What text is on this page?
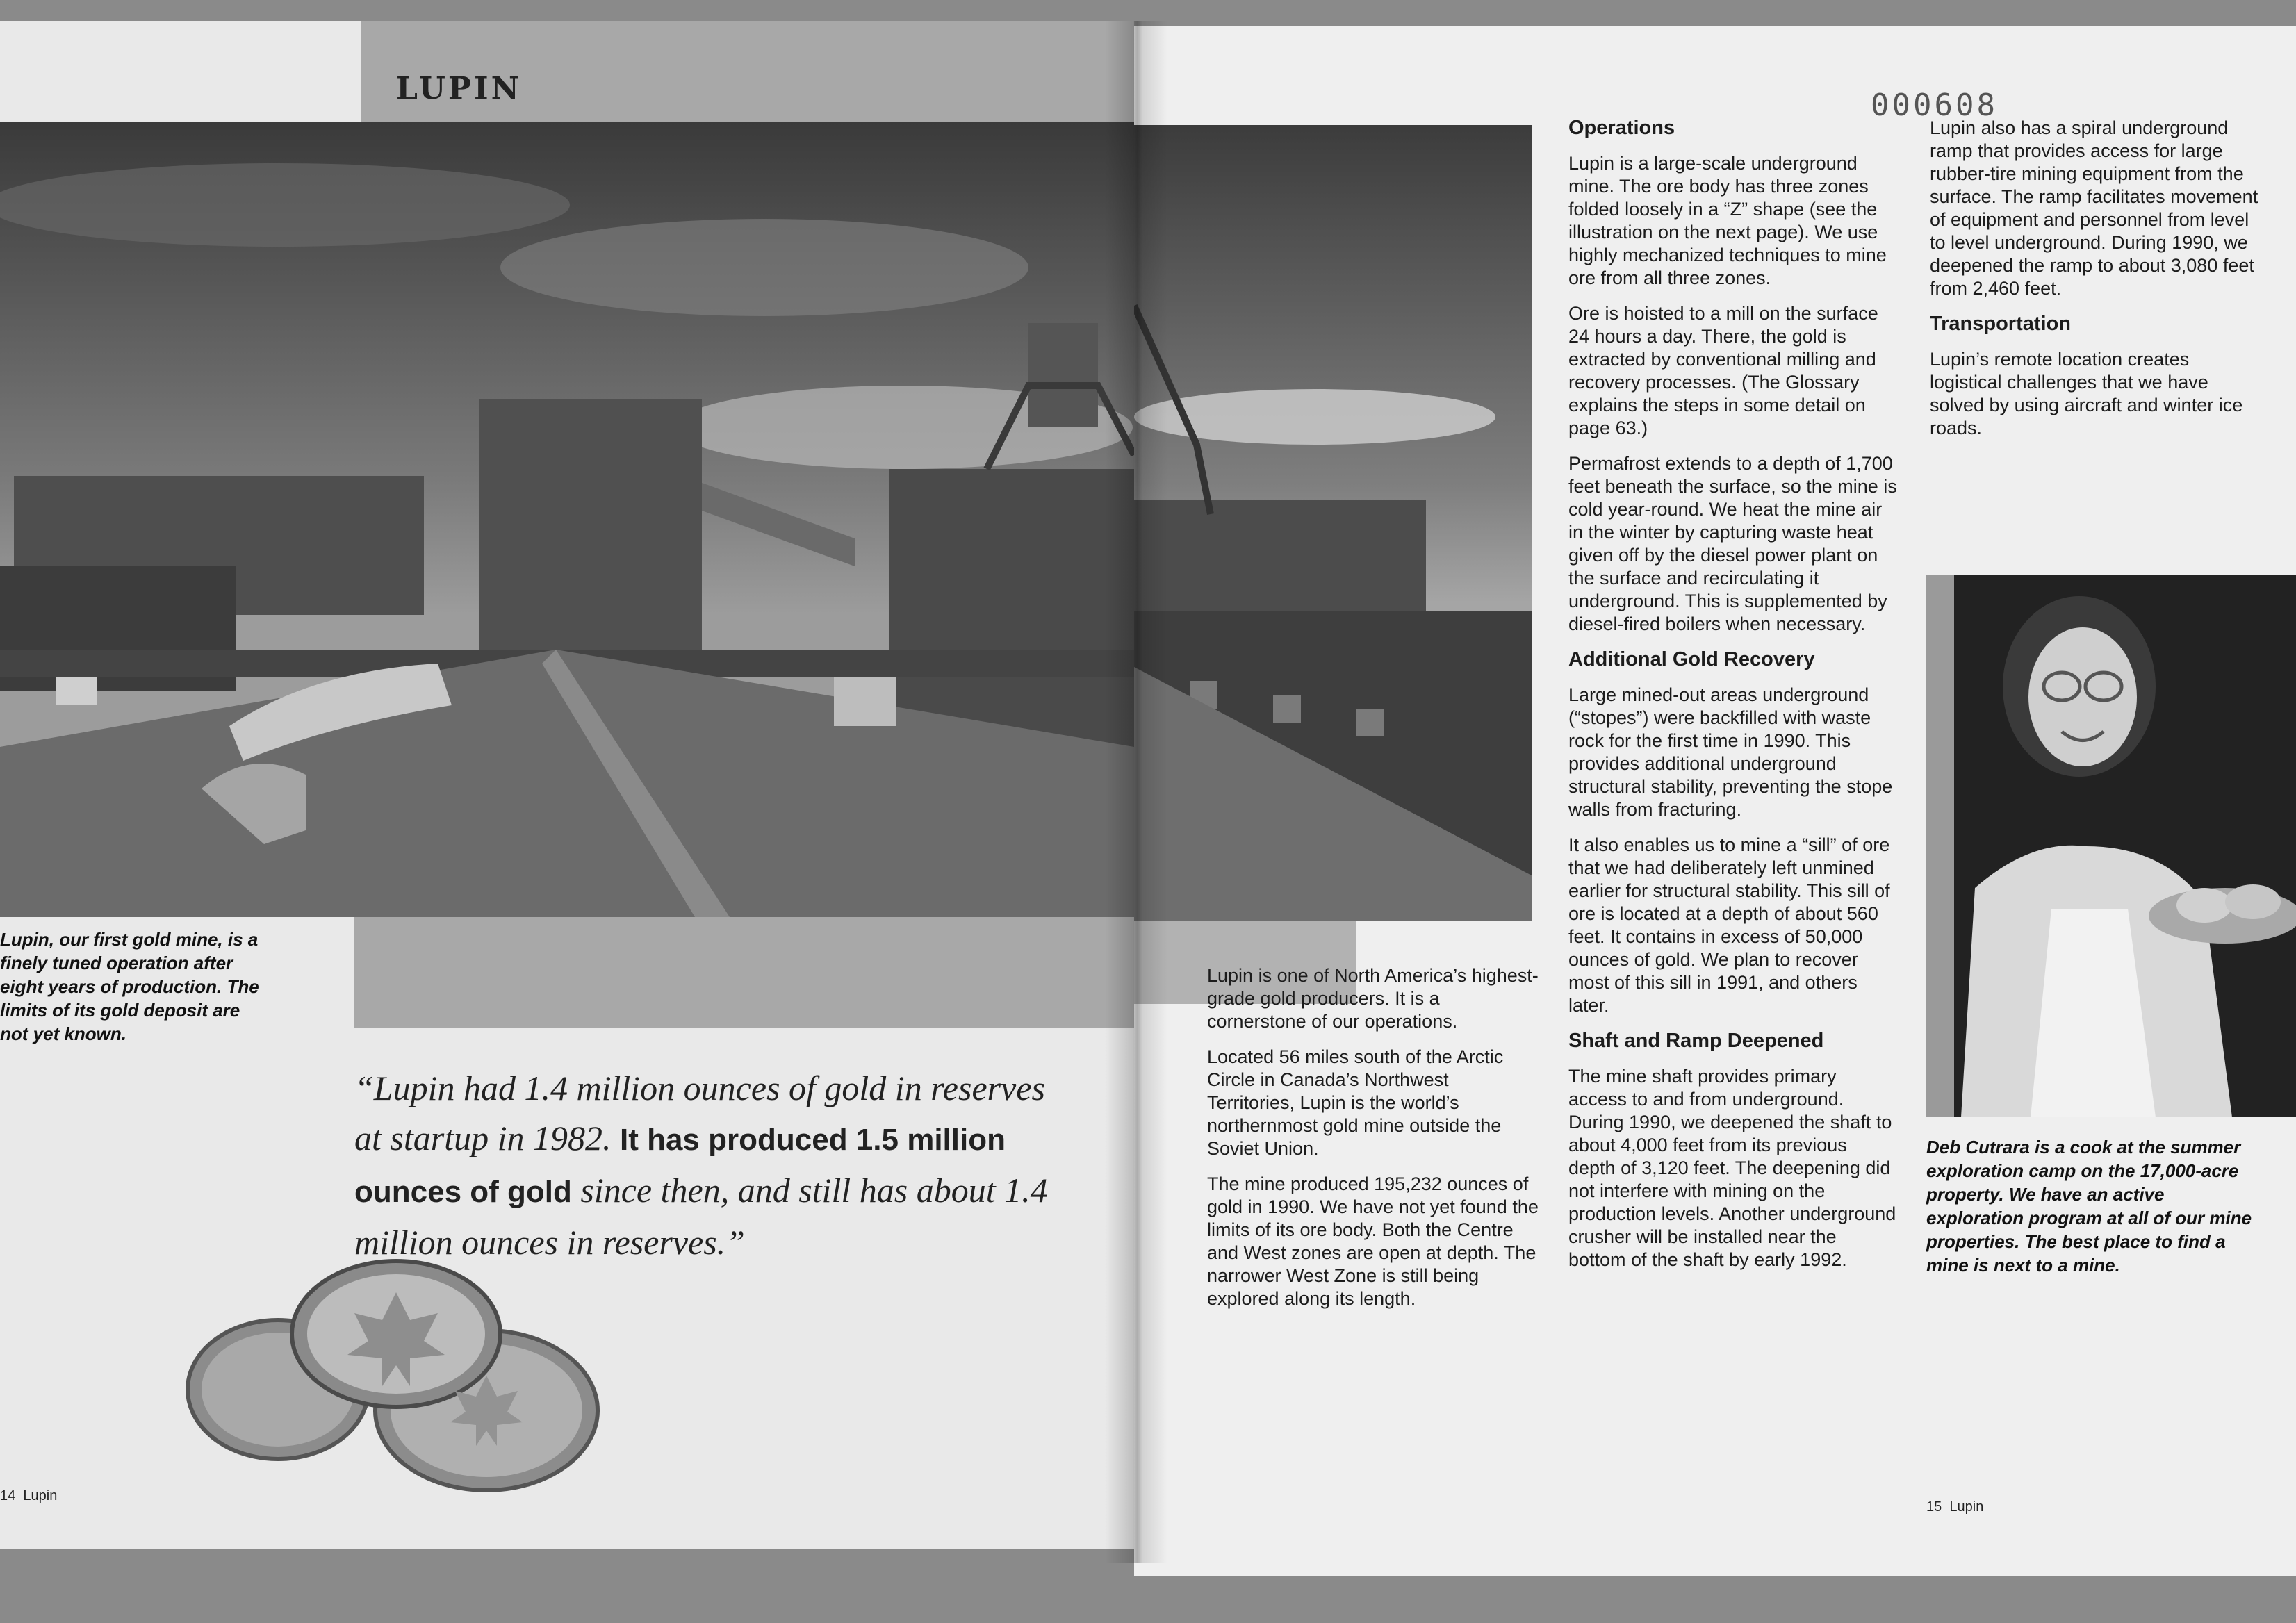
LUPIN
Lupin, our first gold mine, is a finely tuned operation after eight years of production. The limits of its gold deposit are not yet known.
“Lupin had 1.4 million ounces of gold in reserves at startup in 1982. It has produced 1.5 million ounces of gold since then, and still has about 1.4 million ounces in reserves.”
14 Lupin
000608

Lupin is one of North America’s highest-grade gold producers. It is a cornerstone of our operations.

Located 56 miles south of the Arctic Circle in Canada’s Northwest Territories, Lupin is the world’s northernmost gold mine outside the Soviet Union.

The mine produced 195,232 ounces of gold in 1990. We have not yet found the limits of its ore body. Both the Centre and West zones are open at depth. The narrower West Zone is still being explored along its length.

Operations

Lupin is a large-scale underground mine. The ore body has three zones folded loosely in a “Z” shape (see the illustration on the next page). We use highly mechanized techniques to mine ore from all three zones.

Ore is hoisted to a mill on the surface 24 hours a day. There, the gold is extracted by conventional milling and recovery processes. (The Glossary explains the steps in some detail on page 63.)

Permafrost extends to a depth of 1,700 feet beneath the surface, so the mine is cold year-round. We heat the mine air in the winter by capturing waste heat given off by the diesel power plant on the surface and recirculating it underground. This is supplemented by diesel-fired boilers when necessary.

Additional Gold Recovery

Large mined-out areas underground (“stopes”) were backfilled with waste rock for the first time in 1990. This provides additional underground structural stability, preventing the stope walls from fracturing.

It also enables us to mine a “sill” of ore that we had deliberately left unmined earlier for structural stability. This sill of ore is located at a depth of about 560 feet. It contains in excess of 50,000 ounces of gold. We plan to recover most of this sill in 1991, and others later.

Shaft and Ramp Deepened

The mine shaft provides primary access to and from underground. During 1990, we deepened the shaft to about 4,000 feet from its previous depth of 3,120 feet. The deepening did not interfere with mining on the production levels. Another underground crusher will be installed near the bottom of the shaft by early 1992.

Lupin also has a spiral underground ramp that provides access for large rubber-tire mining equipment from the surface. The ramp facilitates movement of equipment and personnel from level to level underground. During 1990, we deepened the ramp to about 3,080 feet from 2,460 feet.

Transportation

Lupin’s remote location creates logistical challenges that we have solved by using aircraft and winter ice roads.

Deb Cutrara is a cook at the summer exploration camp on the 17,000-acre property. We have an active exploration program at all of our mine properties. The best place to find a mine is next to a mine.
15 Lupin
